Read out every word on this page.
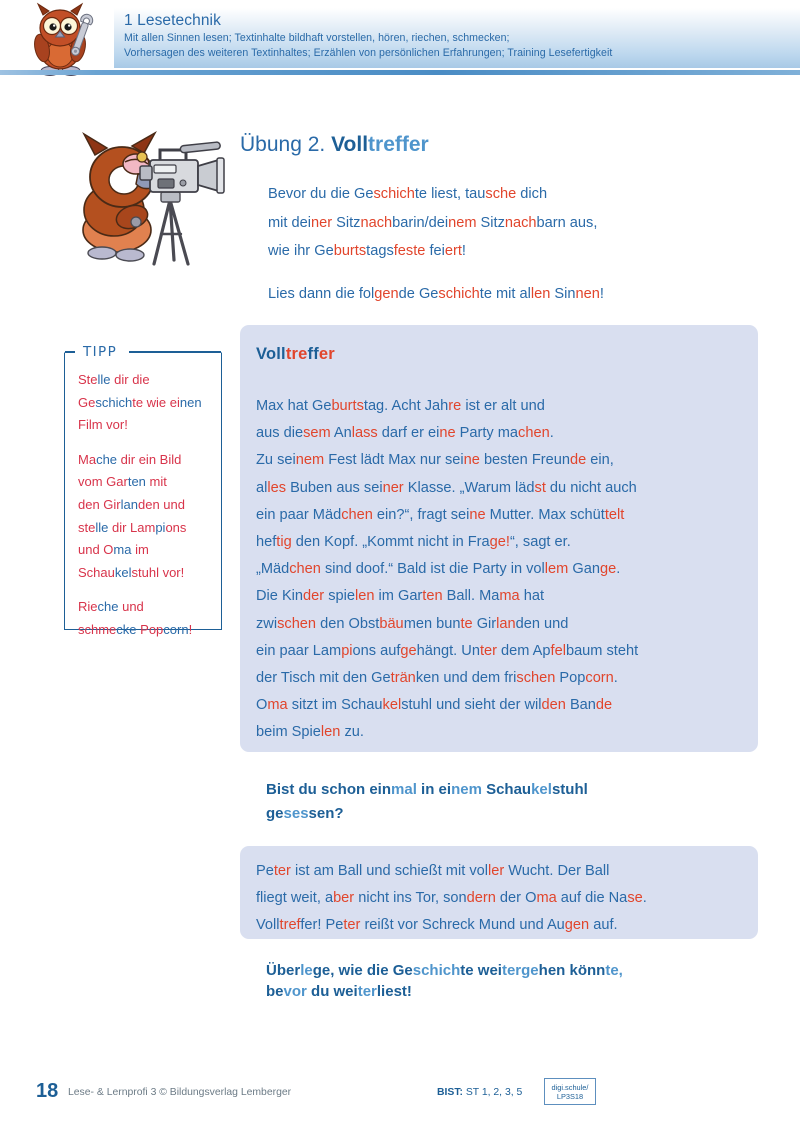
1 Lesetechnik
Mit allen Sinnen lesen; Textinhalte bildhaft vorstellen, hören, riechen, schmecken;
Vorhersagen des weiteren Textinhaltes; Erzählen von persönlichen Erfahrungen; Training Lesefertigkeit
Übung 2. Volltreffer
Bevor du die Geschichte liest, tausche dich
mit deiner Sitznachbarin/deinem Sitznachbarn aus,
wie ihr Geburtstagsfeste feiert!
Lies dann die folgende Geschichte mit allen Sinnen!
Stelle dir die
Geschichte wie einen
Film vor!
Mache dir ein Bild
vom Garten mit
den Girlanden und
stelle dir Lampions
und Oma im
Schaukelstuhl vor!
Rieche und
schmecke Popcorn!
TIPP	Volltreffer
Max hat Geburtstag. Acht Jahre ist er alt und
aus diesem Anlass darf er eine Party machen.
Zu seinem Fest lädt Max nur seine besten Freunde ein,
alles Buben aus seiner Klasse. „Warum lädst du nicht auch
ein paar Mädchen ein?“, fragt seine Mutter. Max schüttelt
heftig den Kopf. „Kommt nicht in Frage!“, sagt er.
„Mädchen sind doof.“ Bald ist die Party in vollem Gange.
Die Kinder spielen im Garten Ball. Mama hat
zwischen den Obstbäumen bunte Girlanden und
ein paar Lampions aufgehängt. Unter dem Apfelbaum steht
der Tisch mit den Getränken und dem frischen Popcorn.
Oma sitzt im Schaukelstuhl und sieht der wilden Bande
beim Spielen zu.
Bist du schon einmal in einem Schaukelstuhl
gesessen?
Peter ist am Ball und schießt mit voller Wucht. Der Ball
fliegt weit, aber nicht ins Tor, sondern der Oma auf die Nase.
Volltreffer! Peter reißt vor Schreck Mund und Augen auf.
Überlege, wie die Geschichte weitergehen könnte,
bevor du weiterliest!
18 Lese- & Lernprofi 3 © Bildungsverlag Lemberger	BIST: ST 1, 2, 3, 5	digi.schule/
LP3S18
